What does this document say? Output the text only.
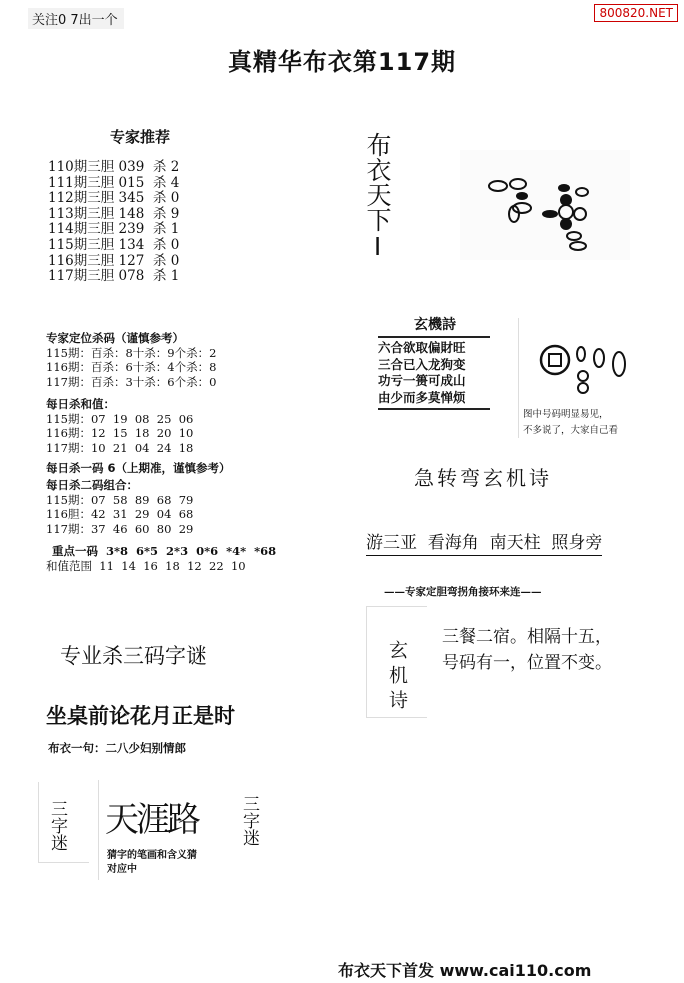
关注0 7出一个	800820.NET
真精华布衣第117期
专家推荐
110期三胆 039  杀 2
111期三胆 015  杀 4
112期三胆 345  杀 0
113期三胆 148  杀 9
114期三胆 239  杀 1
115期三胆 134  杀 0
116期三胆 127  杀 0
117期三胆 078  杀 1
专家定位杀码（谨慎参考）
115期：百杀：8十杀：9个杀：2
116期：百杀：6十杀：4个杀：8
117期：百杀：3十杀：6个杀：0
每日杀和值：
115期：07  19  08  25  06
116期：12  15  18  20  10
117期：10  21  04  24  18
每日杀一码 6（上期准，谨慎参考）
每日杀二码组合：
115期：07  58  89  68  79
116胆：42  31  29  04  68
117期：37  46  60  80  29
重点一码  3*8  6*5  2*3  0*6  *4*  *68
和值范围  11  14  16  18  12  22  10
专业杀三码字谜
坐桌前论花月正是时
布衣一句：二八少妇别情郎
三字迷 天涯路
猜字的笔画和含义猜
对应中
三字迷
布衣天下I
玄機詩
六合欲取偏財旺
三合已入龙狗变
功亏一篑可成山
由少而多莫惮烦
图中号码明显易见，
不多说了，大家自己看
急转弯玄机诗
游三亚  看海角  南天柱  照身旁
——专家定胆弯拐角接环来连——
玄机诗
三餐二宿。相隔十五，
号码有一，位置不变。
布衣天下首发 www.cai110.com
